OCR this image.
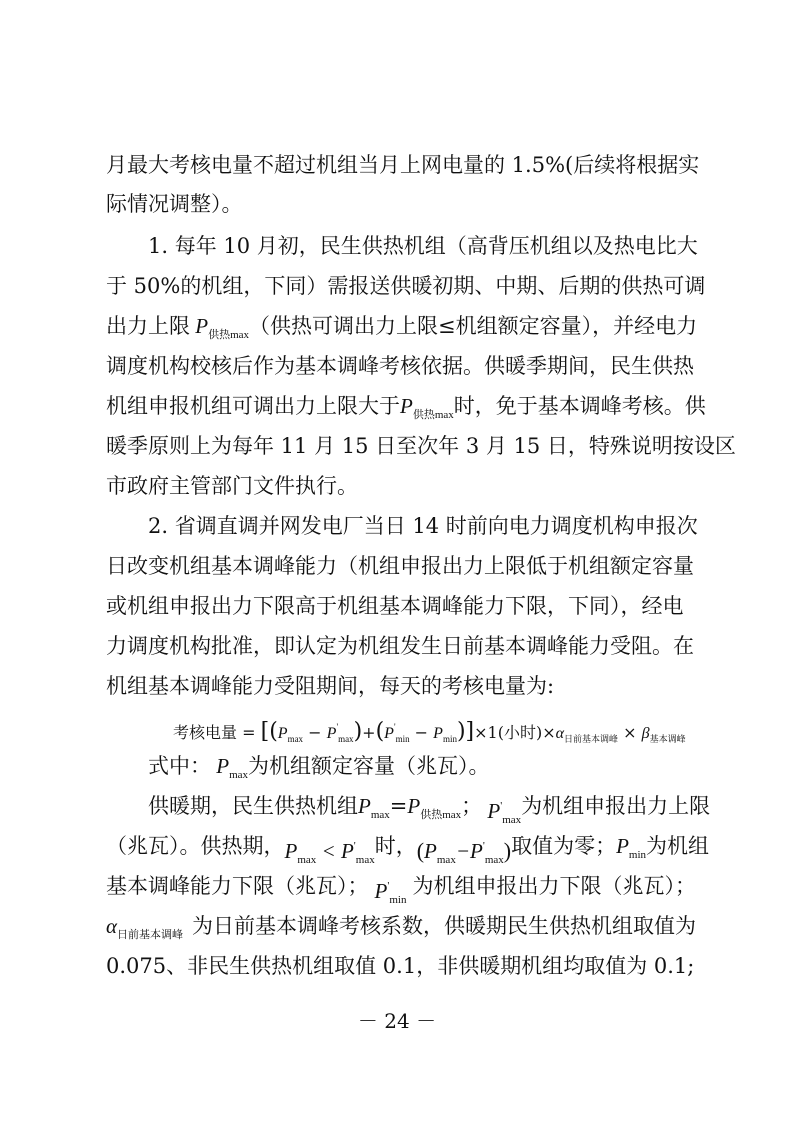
月最大考核电量不超过机组当月上网电量的 1.5%(后续将根据实
际情况调整）。
1. 每年 10 月初，民生供热机组（高背压机组以及热电比大
于 50%的机组，下同）需报送供暖初期、中期、后期的供热可调
出力上限 $P_{供热max}$ （供热可调出力上限≤机组额定容量），并经电力
调度机构校核后作为基本调峰考核依据。供暖季期间，民生供热
机组申报机组可调出力上限大于$P_{供热max}$ 时，免于基本调峰考核。供
暖季原则上为每年 11 月 15 日至次年 3 月 15 日，特殊说明按设区
市政府主管部门文件执行。
2. 省调直调并网发电厂当日 14 时前向电力调度机构申报次
日改变机组基本调峰能力（机组申报出力上限低于机组额定容量
或机组申报出力下限高于机组基本调峰能力下限，下同），经电
力调度机构批准，即认定为机组发生日前基本调峰能力受阻。在
机组基本调峰能力受阻期间，每天的考核电量为:
考核电量 = $[(P_{max} - P'_{max})+(P'_{min} - P_{min})]\times 1$(小时)$\times\alpha_{日前基本调峰} \times \beta_{基本调峰}$
式中： $P_{max}$ 为机组额定容量（兆瓦）。
供暖期，民生供热机组 $P_{max} = P_{供热max}$ ； $P'_{max}$
为机组申报出力上限
（兆瓦）。供热期， $P_{max} < P'_{max}$
时， $(P_{max}-P'_{max})$ 取值为零； $P_{min}$ 为机组
基本调峰能力下限（兆瓦）； $P'_{min}$
为机组申报出力下限（兆瓦）；
$\alpha_{日前基本调峰}$ 为日前基本调峰考核系数，供暖期民生供热机组取值为
0.075、非民生供热机组取值 0.1，非供暖期机组均取值为 0.1;
－ 24 －
